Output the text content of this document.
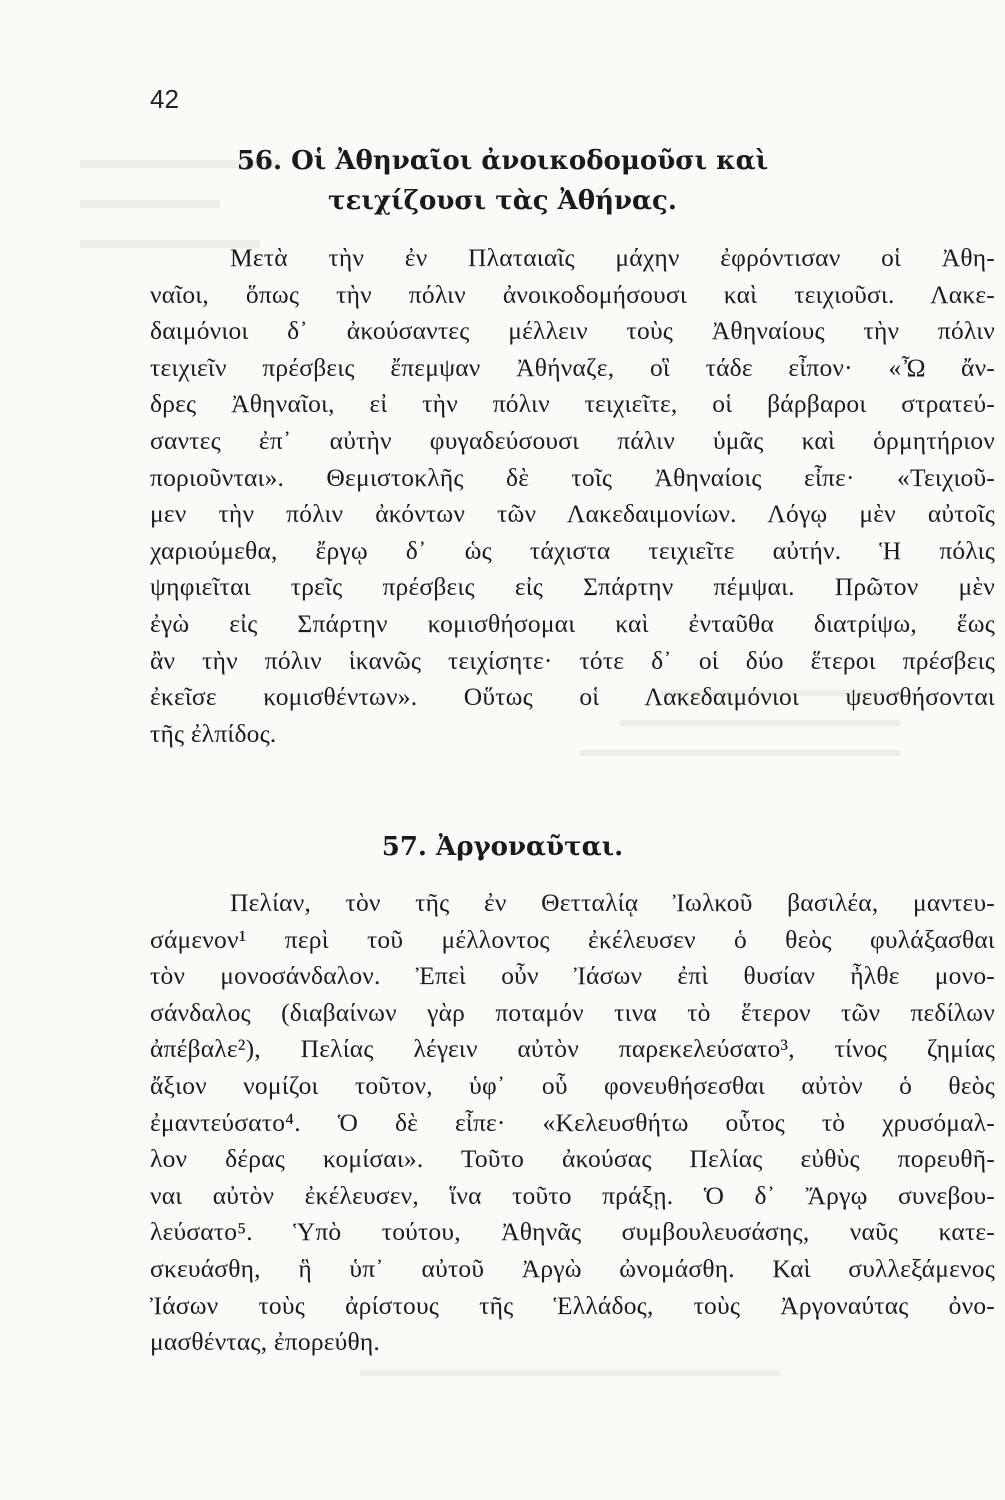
42
56. Οἱ Ἀθηναῖοι ἀνοικοδομοῦσι καὶ
τειχίζουσι τὰς Ἀθήνας.
Μετὰ τὴν ἐν Πλαταιαῖς μάχην ἐφρόντισαν οἱ Ἀθη-
ναῖοι, ὅπως τὴν πόλιν ἀνοικοδομήσουσι καὶ τειχιοῦσι. Λακε-
δαιμόνιοι δ᾽ ἀκούσαντες μέλλειν τοὺς Ἀθηναίους τὴν πόλιν
τειχιεῖν πρέσβεις ἔπεμψαν Ἀθήναζε, οἳ τάδε εἶπον· «Ὦ ἄν-
δρες Ἀθηναῖοι, εἰ τὴν πόλιν τειχιεῖτε, οἱ βάρβαροι στρατεύ-
σαντες ἐπ᾽ αὐτὴν φυγαδεύσουσι πάλιν ὑμᾶς καὶ ὁρμητήριον
ποριοῦνται». Θεμιστοκλῆς δὲ τοῖς Ἀθηναίοις εἶπε· «Τειχιοῦ-
μεν τὴν πόλιν ἀκόντων τῶν Λακεδαιμονίων. Λόγῳ μὲν αὐτοῖς
χαριούμεθα, ἔργῳ δ᾽ ὡς τάχιστα τειχιεῖτε αὐτήν. Ἡ πόλις
ψηφιεῖται τρεῖς πρέσβεις εἰς Σπάρτην πέμψαι. Πρῶτον μὲν
ἐγὼ εἰς Σπάρτην κομισθήσομαι καὶ ἐνταῦθα διατρίψω, ἕως
ἂν τὴν πόλιν ἱκανῶς τειχίσητε· τότε δ᾽ οἱ δύο ἕτεροι πρέσβεις
ἐκεῖσε κομισθέντων». Οὕτως οἱ Λακεδαιμόνιοι ψευσθήσονται
τῆς ἐλπίδος.
57. Ἀργοναῦται.
Πελίαν, τὸν τῆς ἐν Θετταλίᾳ Ἰωλκοῦ βασιλέα, μαντευ-
σάμενον¹ περὶ τοῦ μέλλοντος ἐκέλευσεν ὁ θεὸς φυλάξασθαι
τὸν μονοσάνδαλον. Ἐπεὶ οὖν Ἰάσων ἐπὶ θυσίαν ἦλθε μονο-
σάνδαλος (διαβαίνων γὰρ ποταμόν τινα τὸ ἕτερον τῶν πεδίλων
ἀπέβαλε²), Πελίας λέγειν αὐτὸν παρεκελεύσατο³, τίνος ζημίας
ἄξιον νομίζοι τοῦτον, ὑφ᾽ οὗ φονευθήσεσθαι αὐτὸν ὁ θεὸς
ἐμαντεύσατο⁴. Ὁ δὲ εἶπε· «Κελευσθήτω οὗτος τὸ χρυσόμαλ-
λον δέρας κομίσαι». Τοῦτο ἀκούσας Πελίας εὐθὺς πορευθῆ-
ναι αὐτὸν ἐκέλευσεν, ἵνα τοῦτο πράξῃ. Ὁ δ᾽ Ἄργῳ συνεβου-
λεύσατο⁵. Ὑπὸ τούτου, Ἀθηνᾶς συμβουλευσάσης, ναῦς κατε-
σκευάσθη, ἣ ὑπ᾽ αὐτοῦ Ἀργὼ ὠνομάσθη. Καὶ συλλεξάμενος
Ἰάσων τοὺς ἀρίστους τῆς Ἑλλάδος, τοὺς Ἀργοναύτας ὀνο-
μασθέντας, ἐπορεύθη.
